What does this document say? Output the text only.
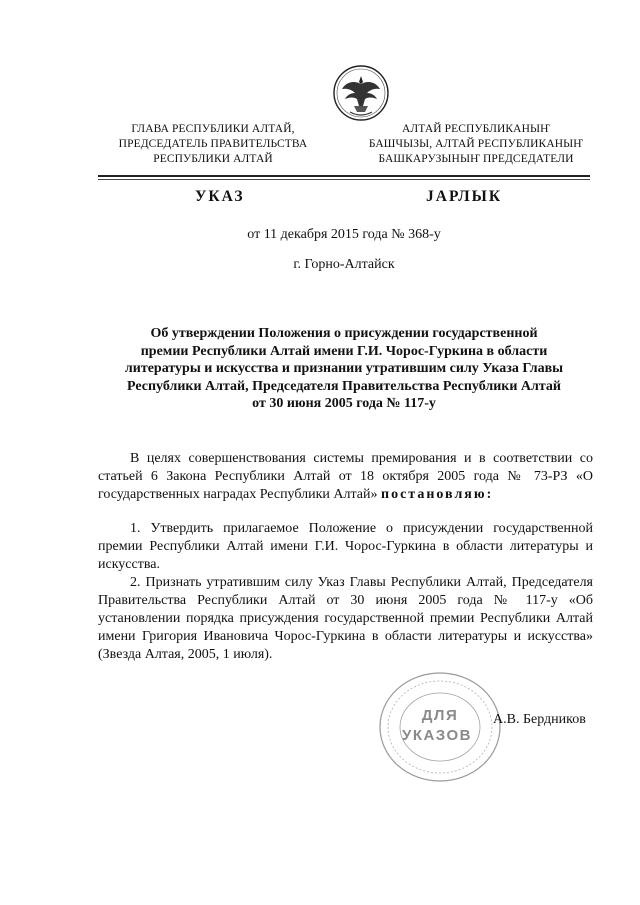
ГЛАВА РЕСПУБЛИКИ АЛТАЙ,
ПРЕДСЕДАТЕЛЬ ПРАВИТЕЛЬСТВА
РЕСПУБЛИКИ АЛТАЙ
АЛТАЙ РЕСПУБЛИКАНЫҤ
БАШЧЫЗЫ, АЛТАЙ РЕСПУБЛИКАНЫҤ
БАШКАРУЗЫНЫҤ ПРЕДСЕДАТЕЛИ
УКАЗ	JАРЛЫК
от 11 декабря 2015 года № 368-у
г. Горно-Алтайск
Об утверждении Положения о присуждении государственной
премии Республики Алтай имени Г.И. Чорос-Гуркина в области
литературы и искусства и признании утратившим силу Указа Главы
Республики Алтай, Председателя Правительства Республики Алтай
от 30 июня 2005 года № 117-у

В целях совершенствования системы премирования и в соответствии со статьей 6 Закона Республики Алтай от 18 октября 2005 года № 73-РЗ «О государственных наградах Республики Алтай» постановляю:

1. Утвердить прилагаемое Положение о присуждении государственной премии Республики Алтай имени Г.И. Чорос-Гуркина в области литературы и искусства.

2. Признать утратившим силу Указ Главы Республики Алтай, Председателя Правительства Республики Алтай от 30 июня 2005 года № 117-у «Об установлении порядка присуждения государственной премии Республики Алтай имени Григория Ивановича Чорос-Гуркина в области литературы и искусства» (Звезда Алтая, 2005, 1 июля).

ДЛЯ
УКАЗОВ
А.В. Бердников
